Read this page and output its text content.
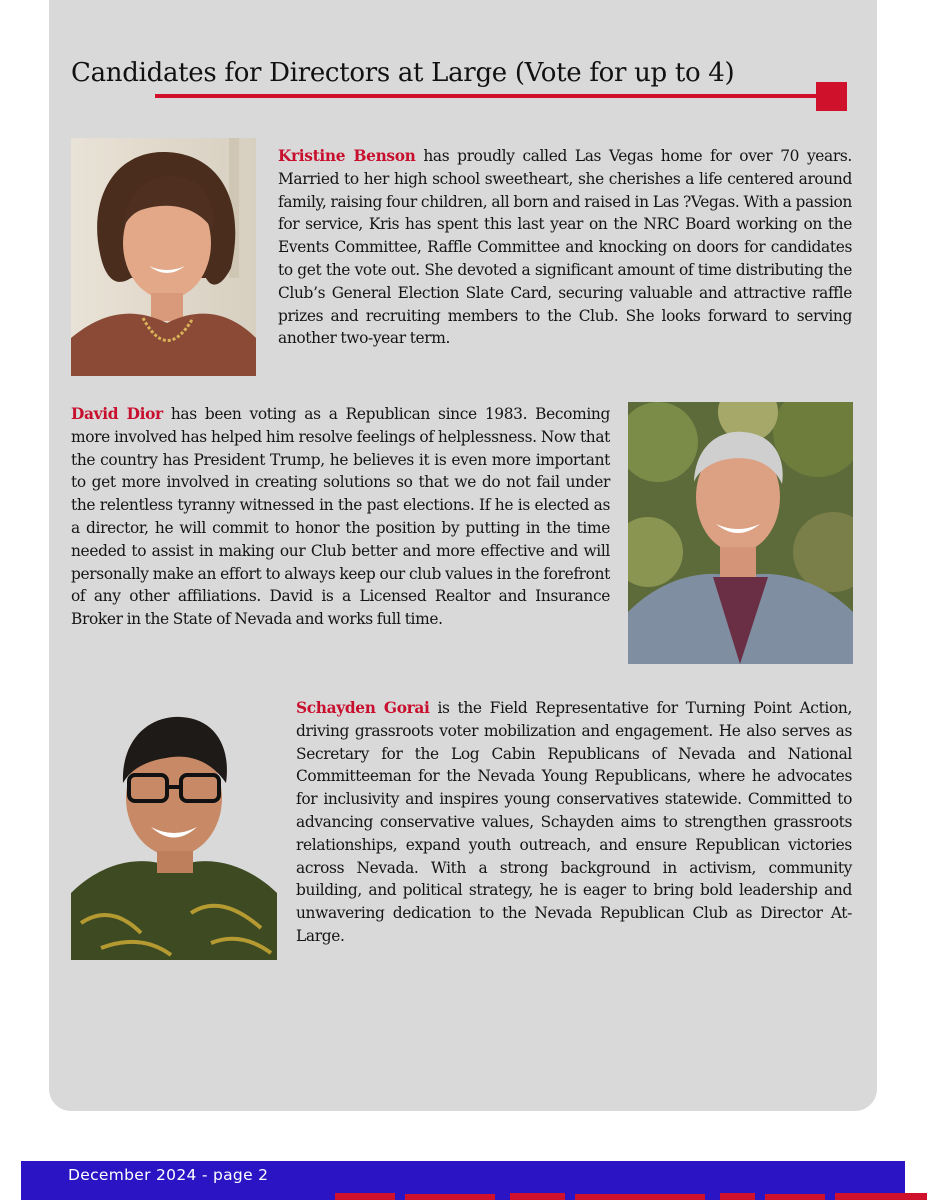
Candidates for Directors at Large (Vote for up to 4)

Kristine Benson has proudly called Las Vegas home for over 70 years. Married to her high school sweetheart, she cherishes a life centered around family, raising four children, all born and raised in Las ?Vegas. With a passion for service, Kris has spent this last year on the NRC Board working on the Events Committee, Raffle Committee and knocking on doors for candidates to get the vote out. She devoted a significant amount of time distributing the Club’s General Election Slate Card, securing valuable and attractive raffle prizes and recruiting members to the Club. She looks forward to serving another two-year term.

David Dior has been voting as a Republican since 1983. Becoming more involved has helped him resolve feelings of helplessness. Now that the country has President Trump, he believes it is even more important to get more involved in creating solutions so that we do not fail under the relentless tyranny witnessed in the past elections. If he is elected as a director, he will commit to honor the position by putting in the time needed to assist in making our Club better and more effective and will personally make an effort to always keep our club values in the forefront of any other affiliations. David is a Licensed Realtor and Insurance Broker in the State of Nevada and works full time.

Schayden Gorai is the Field Representative for Turning Point Action, driving grassroots voter mobilization and engagement. He also serves as Secretary for the Log Cabin Republicans of Nevada and National Committeeman for the Nevada Young Republicans, where he advocates for inclusivity and inspires young conservatives statewide. Committed to advancing conservative values, Schayden aims to strengthen grassroots relationships, expand youth outreach, and ensure Republican victories across Nevada. With a strong background in activism, community building, and political strategy, he is eager to bring bold leadership and unwavering dedication to the Nevada Republican Club as Director At-Large.

December 2024 - page 2
